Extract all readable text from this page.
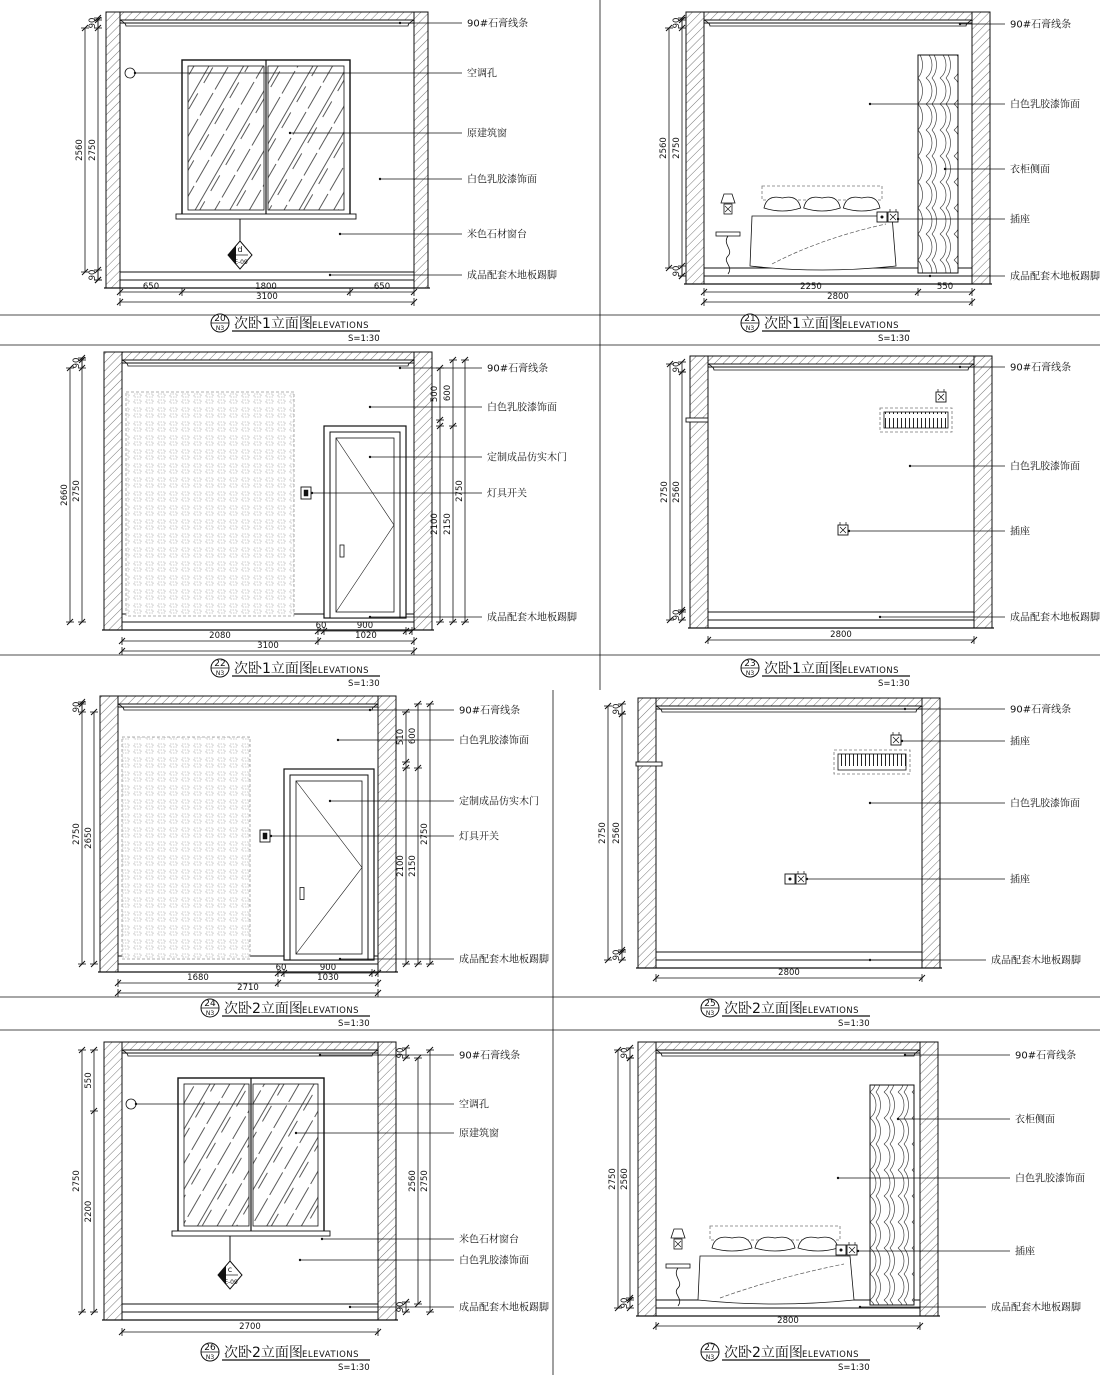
d
E-09
90#石膏线条
空调孔
原建筑窗
白色乳胶漆饰面
米色石材窗台
成品配套木地板踢脚
2750
2560
90
90
650	1800	650
3100
20
N3 次卧1立面图 ELEVATIONS
S=1:30
90#石膏线条
白色乳胶漆饰面
衣柜侧面
插座
成品配套木地板踢脚
2750
2560
90
90
2250	550
2800
21
N3 次卧1立面图 ELEVATIONS
S=1:30
90#石膏线条
白色乳胶漆饰面
定制成品仿实木门
灯具开关
成品配套木地板踢脚
2750
2660
90
500
2100
600
2150
2750
60	900
2080	1020
3100
22
N3 次卧1立面图 ELEVATIONS
S=1:30
90#石膏线条
白色乳胶漆饰面
插座
成品配套木地板踢脚
2750 2560
90
90
2800
23
N3 次卧1立面图 ELEVATIONS
S=1:30
90#石膏线条
白色乳胶漆饰面
定制成品仿实木门
灯具开关
成品配套木地板踢脚
2750 2650
90
510
2100
600
2150
2750
60	900
1680	1030
2710
24
N3 次卧2立面图 ELEVATIONS
S=1:30
90#石膏线条
插座
白色乳胶漆饰面
插座
成品配套木地板踢脚
2750 2560
90
90
2800
25
N3 次卧2立面图 ELEVATIONS
S=1:30
c
E-09
90#石膏线条
空调孔
原建筑窗
米色石材窗台
白色乳胶漆饰面
成品配套木地板踢脚
2750
550
2200
90
90
2560 2750
2700
26
N3 次卧2立面图 ELEVATIONS
S=1:30
90#石膏线条
衣柜侧面
白色乳胶漆饰面
插座
成品配套木地板踢脚
2750 2560
90
90
2800
27
N3 次卧2立面图 ELEVATIONS
S=1:30
